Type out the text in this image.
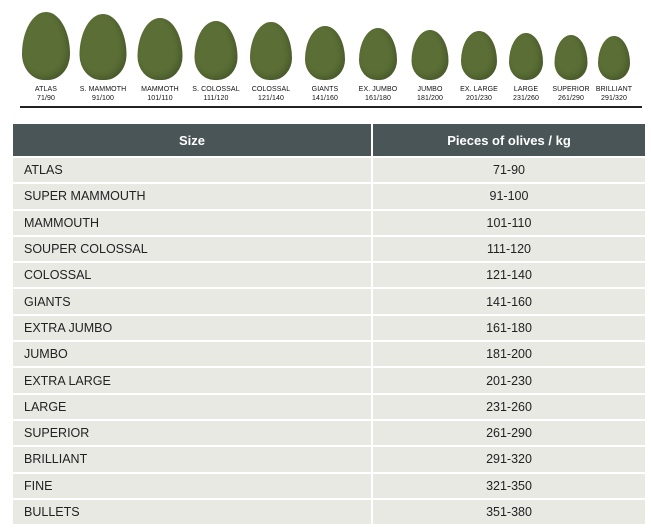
ATLAS
71/90
S. MAMMOTH
91/100
MAMMOTH
101/110
S. COLOSSAL
111/120
COLOSSAL
121/140
GIANTS
141/160
EX. JUMBO
161/180
JUMBO
181/200
EX. LARGE
201/230
LARGE
231/260
SUPERIOR
261/290
BRILLIANT
291/320
Size	Pieces of olives / kg
ATLAS	71-90
SUPER MAMMOUTH	91-100
MAMMOUTH	101-110
SOUPER COLOSSAL	111-120
COLOSSAL	121-140
GIANTS	141-160
EXTRA JUMBO	161-180
JUMBO	181-200
EXTRA LARGE	201-230
LARGE	231-260
SUPERIOR	261-290
BRILLIANT	291-320
FINE	321-350
BULLETS	351-380
